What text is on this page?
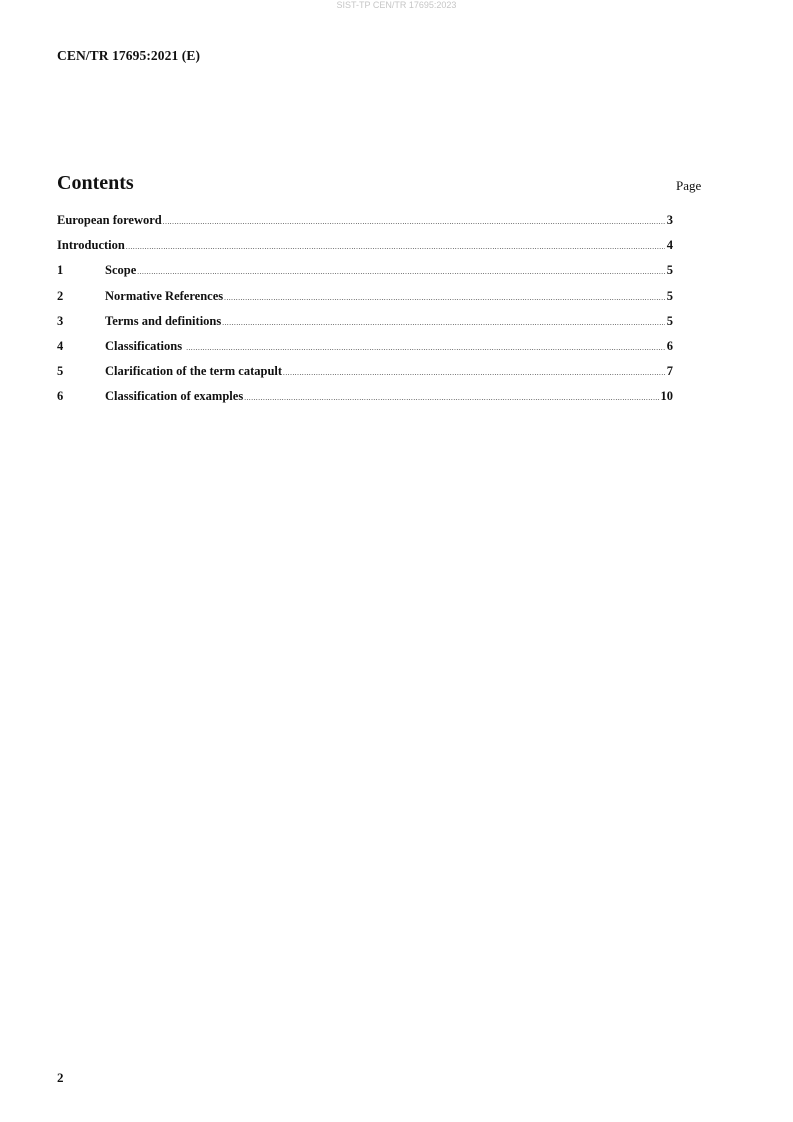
SIST-TP CEN/TR 17695:2023
CEN/TR 17695:2021 (E)
Contents	Page
European foreword .....	3
Introduction .....	4
1	Scope .....	5
2	Normative References .....	5
3	Terms and definitions .....	5
4	Classifications .....	6
5	Clarification of the term catapult .....	7
6	Classification of examples .....	10
2
